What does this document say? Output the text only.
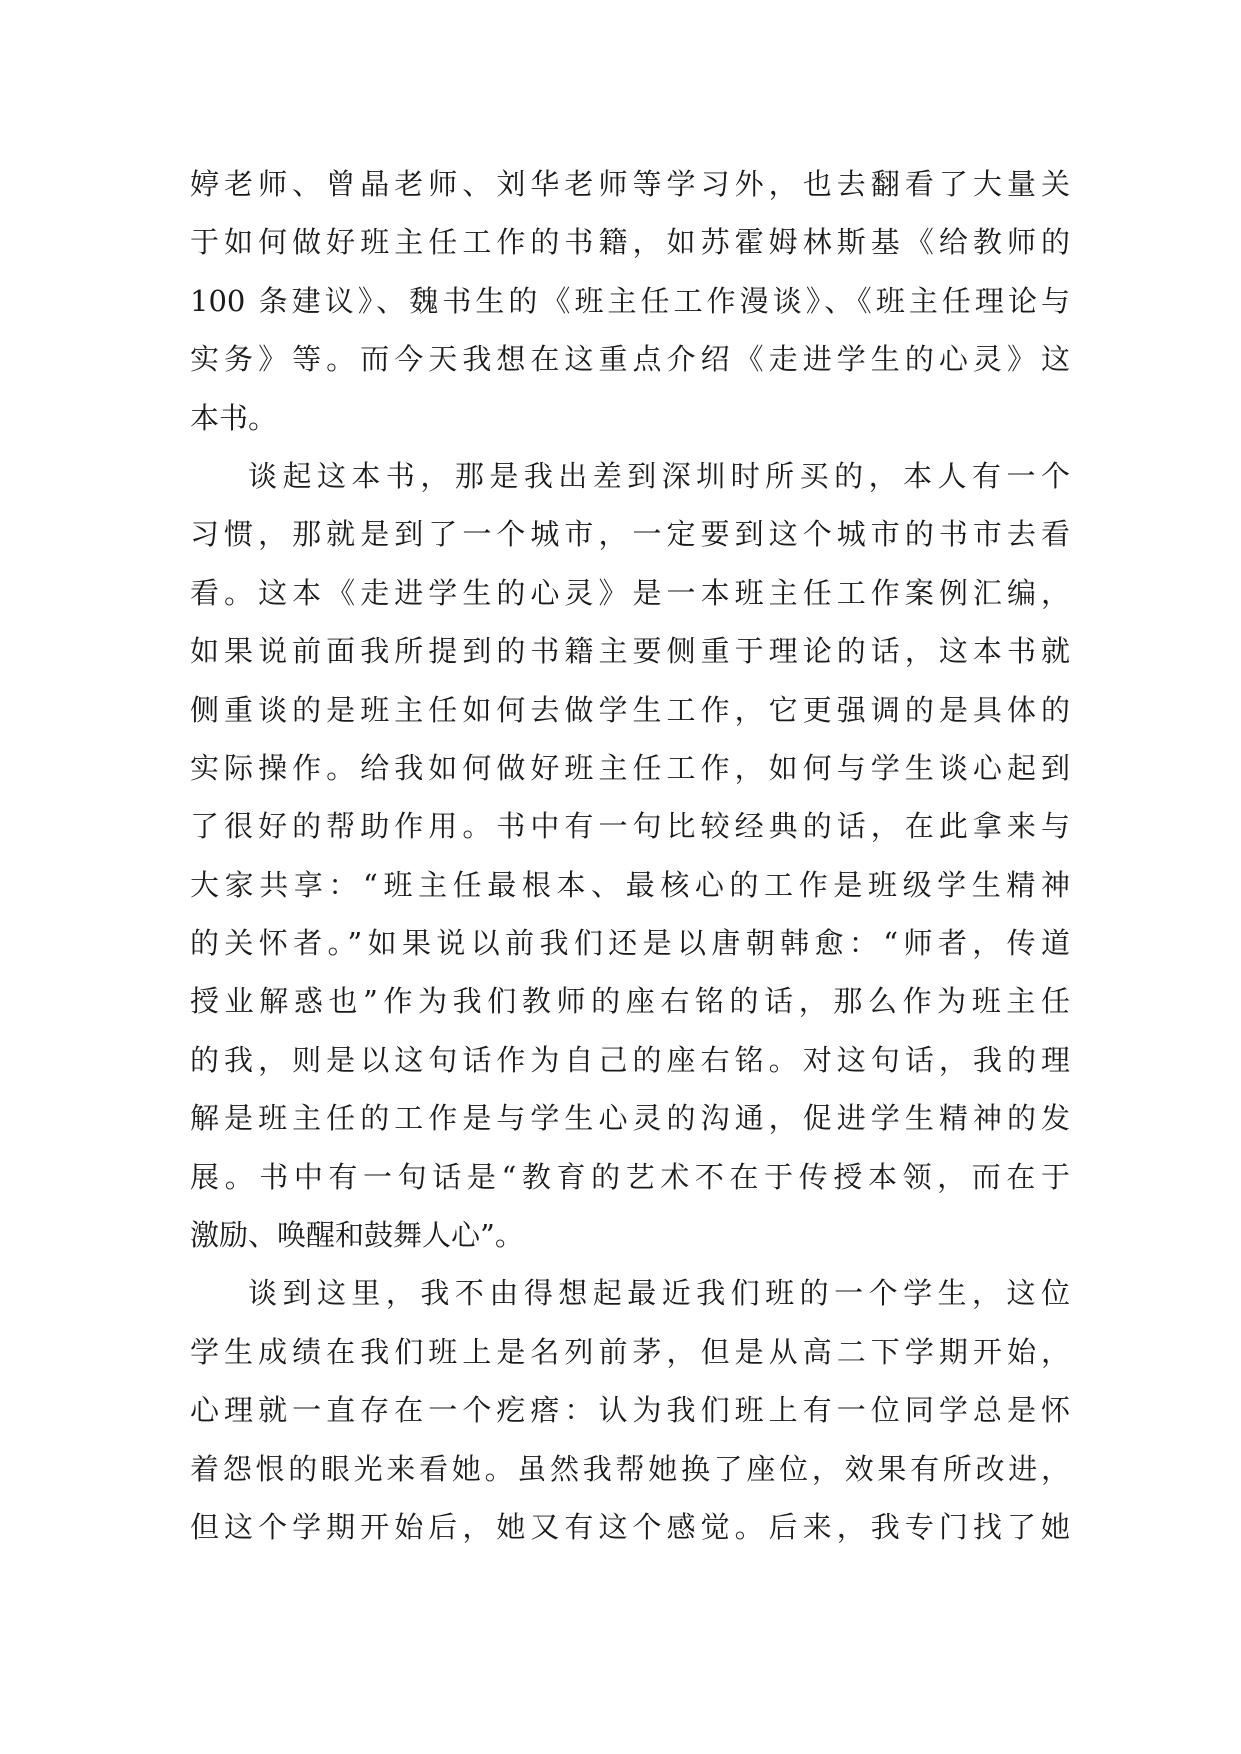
婷老师、曾晶老师、刘华老师等学习外，也去翻看了大量关
于如何做好班主任工作的书籍，如苏霍姆林斯基《给教师的
100 条建议》、魏书生的《班主任工作漫谈》、《班主任理论与
实务》等。而今天我想在这重点介绍《走进学生的心灵》这
本书。
谈起这本书，那是我出差到深圳时所买的，本人有一个
习惯，那就是到了一个城市，一定要到这个城市的书市去看
看。这本《走进学生的心灵》是一本班主任工作案例汇编，
如果说前面我所提到的书籍主要侧重于理论的话，这本书就
侧重谈的是班主任如何去做学生工作，它更强调的是具体的
实际操作。给我如何做好班主任工作，如何与学生谈心起到
了很好的帮助作用。书中有一句比较经典的话，在此拿来与
大家共享：“班主任最根本、最核心的工作是班级学生精神
的关怀者。”如果说以前我们还是以唐朝韩愈：“师者，传道
授业解惑也”作为我们教师的座右铭的话，那么作为班主任
的我，则是以这句话作为自己的座右铭。对这句话，我的理
解是班主任的工作是与学生心灵的沟通，促进学生精神的发
展。书中有一句话是“教育的艺术不在于传授本领，而在于
激励、唤醒和鼓舞人心”。
谈到这里，我不由得想起最近我们班的一个学生，这位
学生成绩在我们班上是名列前茅，但是从高二下学期开始，
心理就一直存在一个疙瘩：认为我们班上有一位同学总是怀
着怨恨的眼光来看她。虽然我帮她换了座位，效果有所改进，
但这个学期开始后，她又有这个感觉。后来，我专门找了她
